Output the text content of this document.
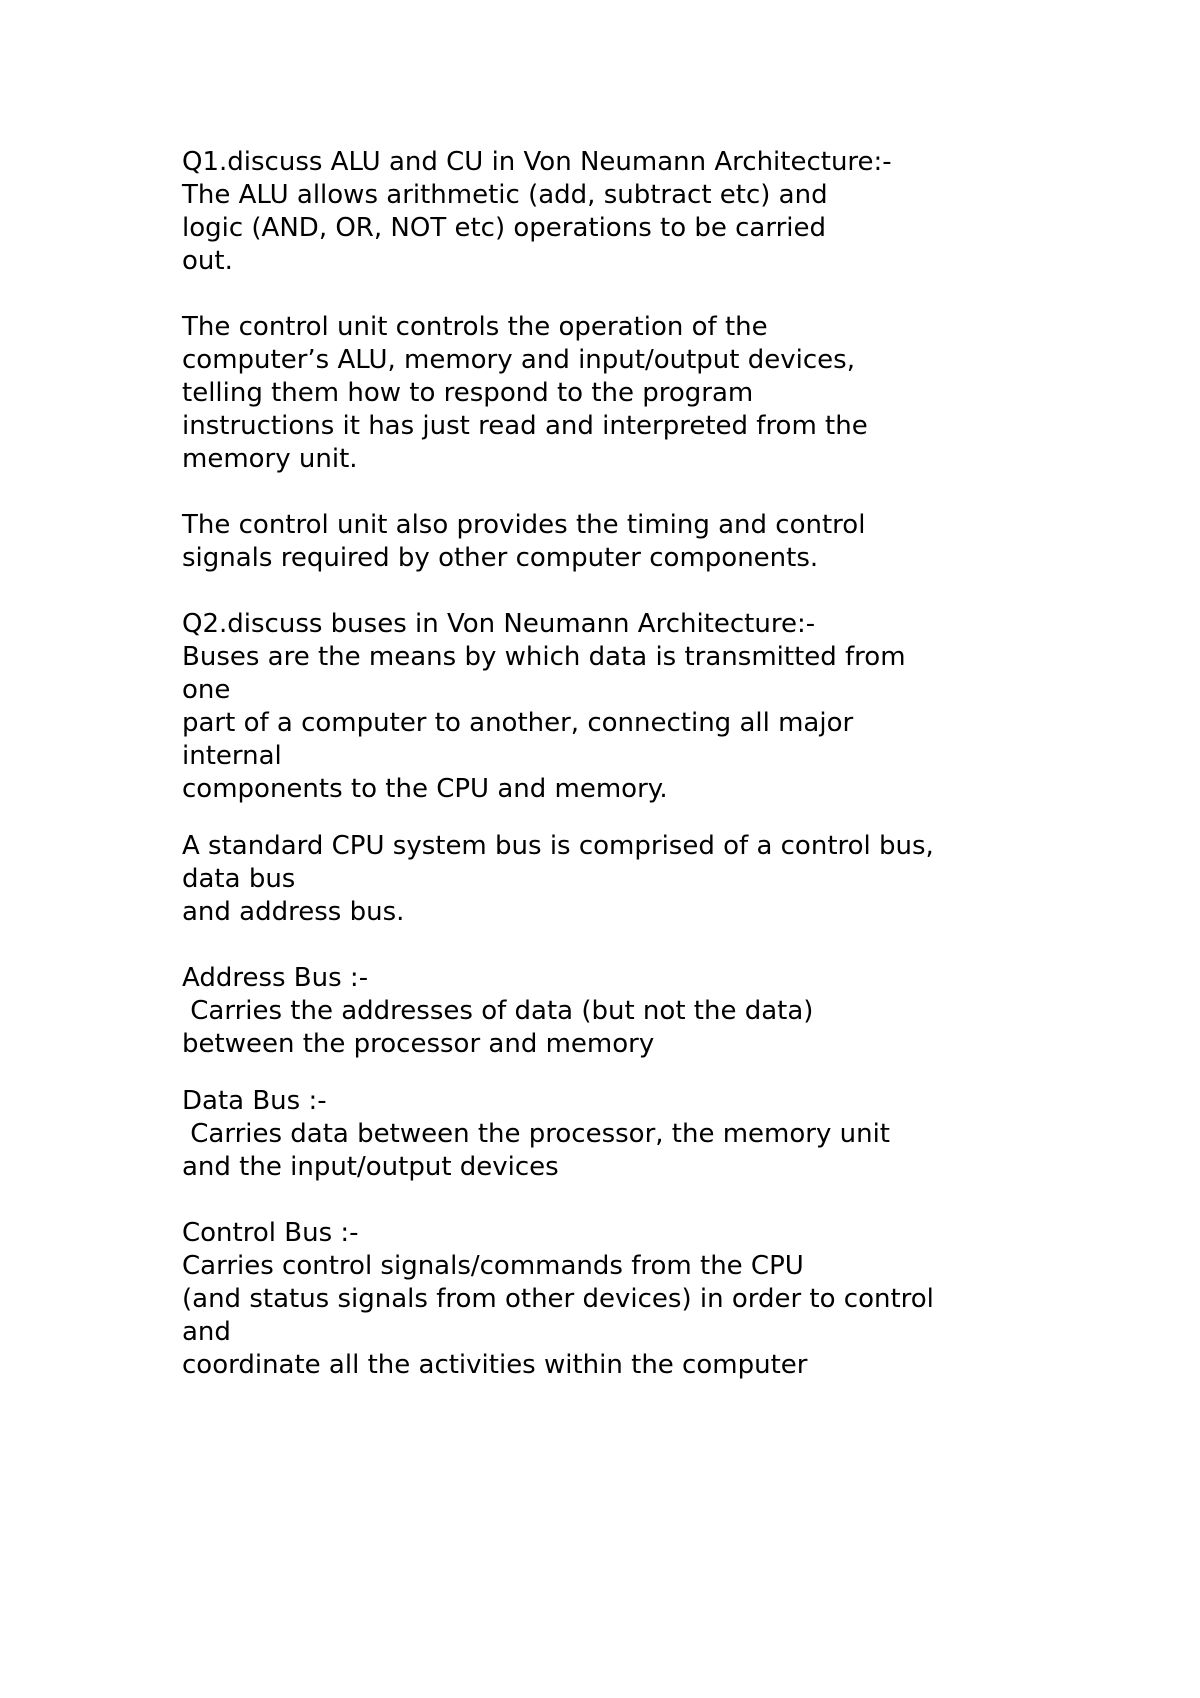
Q1.discuss ALU and CU in Von Neumann Architecture:-
The ALU allows arithmetic (add, subtract etc) and
logic (AND, OR, NOT etc) operations to be carried
out.
The control unit controls the operation of the
computer’s ALU, memory and input/output devices,
telling them how to respond to the program
instructions it has just read and interpreted from the
memory unit.
The control unit also provides the timing and control
signals required by other computer components.
Q2.discuss buses in Von Neumann Architecture:-
Buses are the means by which data is transmitted from
one
part of a computer to another, connecting all major
internal
components to the CPU and memory.
A standard CPU system bus is comprised of a control bus,
data bus
and address bus.
Address Bus :-
Carries the addresses of data (but not the data)
between the processor and memory
Data Bus :-
Carries data between the processor, the memory unit
and the input/output devices
Control Bus :-
Carries control signals/commands from the CPU
(and status signals from other devices) in order to control
and
coordinate all the activities within the computer
